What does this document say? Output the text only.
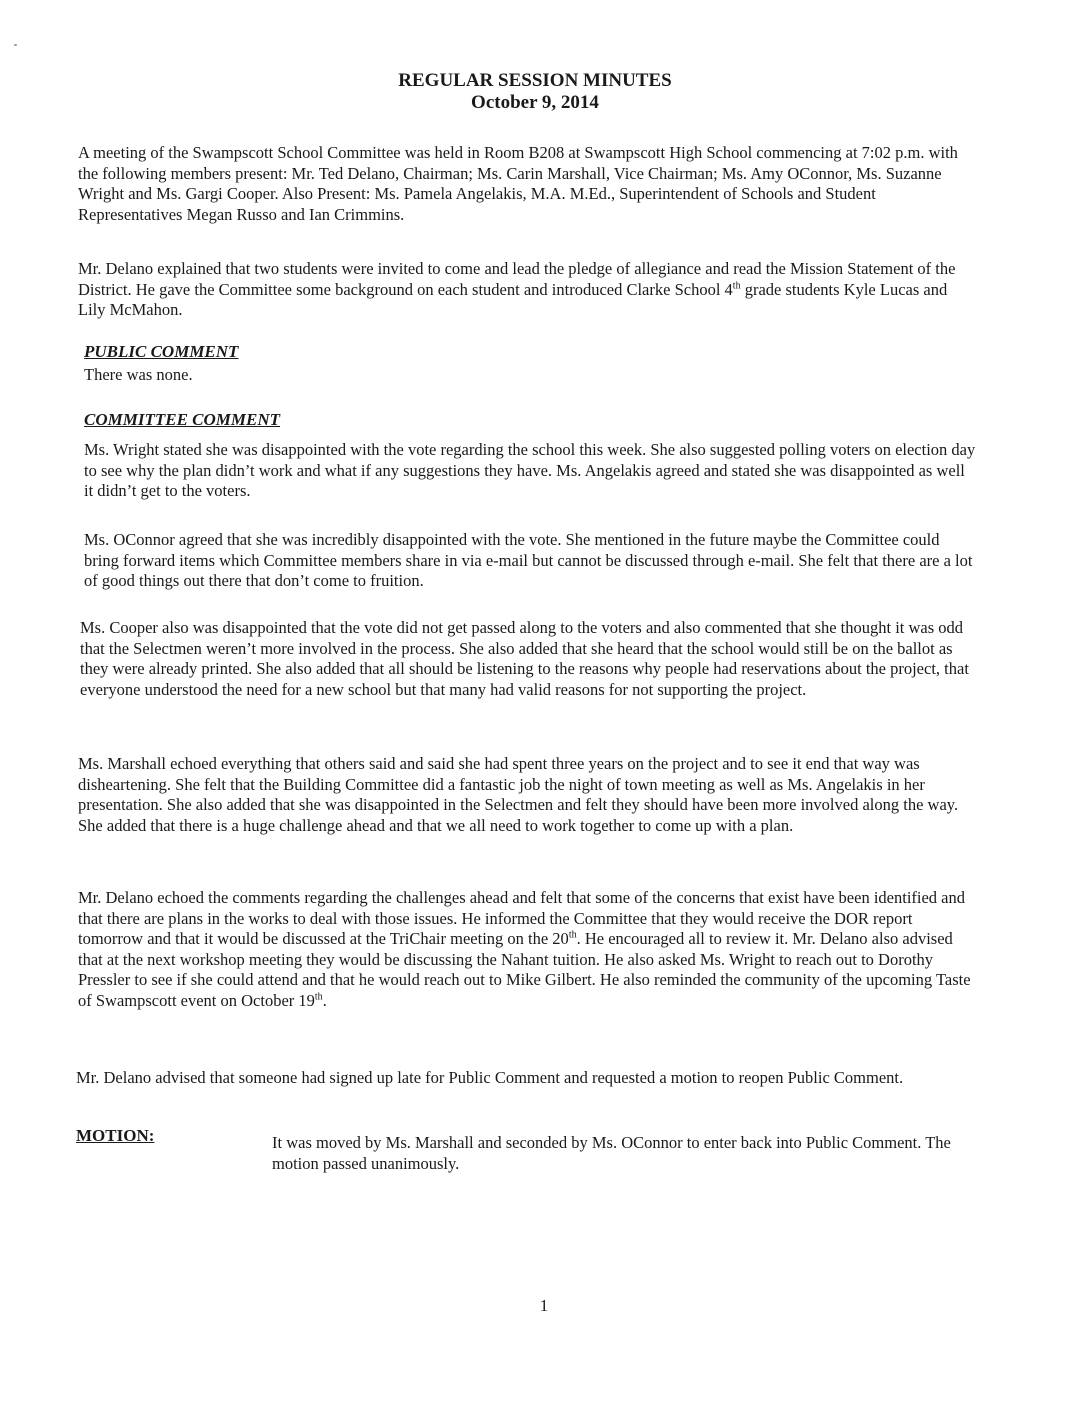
REGULAR SESSION MINUTES
October 9, 2014

A meeting of the Swampscott School Committee was held in Room B208 at Swampscott High School commencing at 7:02 p.m. with the following members present: Mr. Ted Delano, Chairman; Ms. Carin Marshall, Vice Chairman; Ms. Amy OConnor, Ms. Suzanne Wright and Ms. Gargi Cooper. Also Present: Ms. Pamela Angelakis, M.A. M.Ed., Superintendent of Schools and Student Representatives Megan Russo and Ian Crimmins.

Mr. Delano explained that two students were invited to come and lead the pledge of allegiance and read the Mission Statement of the District. He gave the Committee some background on each student and introduced Clarke School 4th grade students Kyle Lucas and Lily McMahon.

PUBLIC COMMENT

There was none.

COMMITTEE COMMENT

Ms. Wright stated she was disappointed with the vote regarding the school this week. She also suggested polling voters on election day to see why the plan didn’t work and what if any suggestions they have. Ms. Angelakis agreed and stated she was disappointed as well it didn’t get to the voters.

Ms. OConnor agreed that she was incredibly disappointed with the vote. She mentioned in the future maybe the Committee could bring forward items which Committee members share in via e-mail but cannot be discussed through e-mail. She felt that there are a lot of good things out there that don’t come to fruition.

Ms. Cooper also was disappointed that the vote did not get passed along to the voters and also commented that she thought it was odd that the Selectmen weren’t more involved in the process. She also added that she heard that the school would still be on the ballot as they were already printed. She also added that all should be listening to the reasons why people had reservations about the project, that everyone understood the need for a new school but that many had valid reasons for not supporting the project.

Ms. Marshall echoed everything that others said and said she had spent three years on the project and to see it end that way was disheartening. She felt that the Building Committee did a fantastic job the night of town meeting as well as Ms. Angelakis in her presentation. She also added that she was disappointed in the Selectmen and felt they should have been more involved along the way. She added that there is a huge challenge ahead and that we all need to work together to come up with a plan.

Mr. Delano echoed the comments regarding the challenges ahead and felt that some of the concerns that exist have been identified and that there are plans in the works to deal with those issues. He informed the Committee that they would receive the DOR report tomorrow and that it would be discussed at the TriChair meeting on the 20th. He encouraged all to review it. Mr. Delano also advised that at the next workshop meeting they would be discussing the Nahant tuition. He also asked Ms. Wright to reach out to Dorothy Pressler to see if she could attend and that he would reach out to Mike Gilbert. He also reminded the community of the upcoming Taste of Swampscott event on October 19th.

Mr. Delano advised that someone had signed up late for Public Comment and requested a motion to reopen Public Comment.

MOTION:	It was moved by Ms. Marshall and seconded by Ms. OConnor to enter back into Public Comment. The motion passed unanimously.

1
